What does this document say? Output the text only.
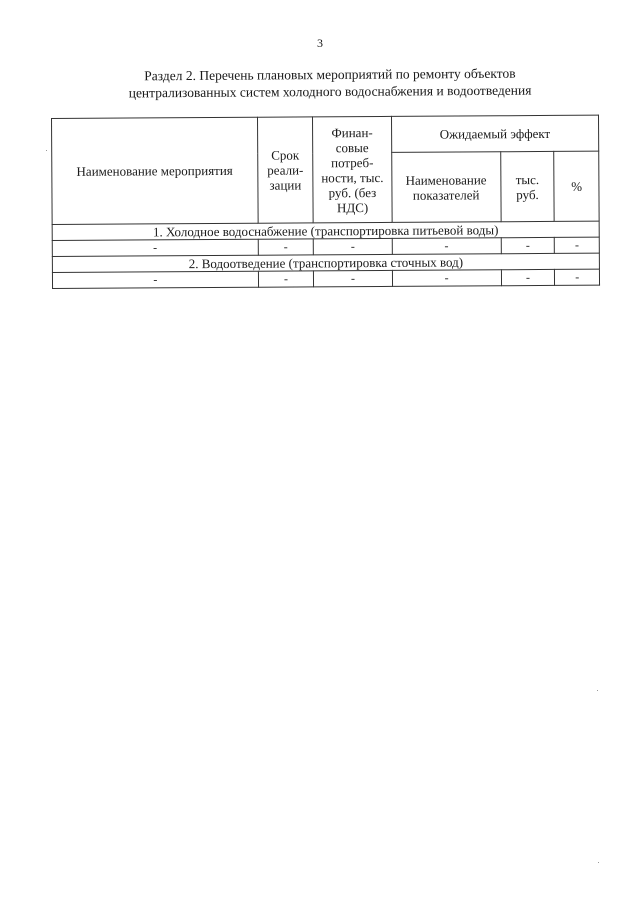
3
Раздел 2. Перечень плановых мероприятий по ремонту объектов
централизованных систем холодного водоснабжения и водоотведения
Наименование мероприятия	Срок реали- зации	Финан- совые потреб- ности, тыс. руб. (без НДС)	Ожидаемый эффект		
			Наименование показателей	тыс. руб.	%
1. Холодное водоснабжение (транспортировка питьевой воды)					
-	-	-	-	-	-
2. Водоотведение (транспортировка сточных вод)					
-	-	-	-	-	-
